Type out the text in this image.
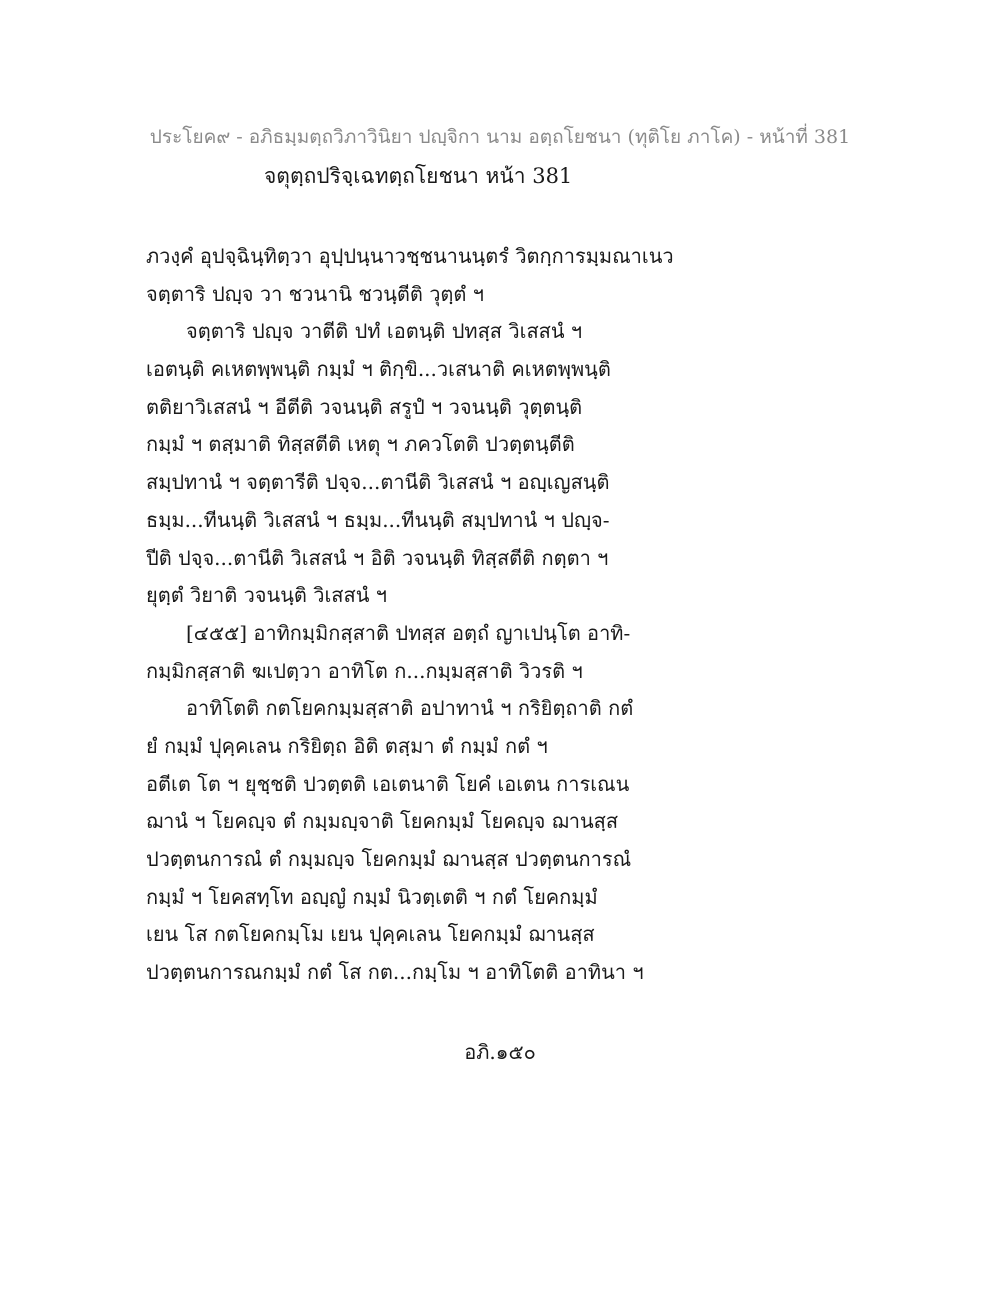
ประโยค๙ - อภิธมฺมตฺถวิภาวินิยา ปญฺจิกา นาม อตฺถโยชนา (ทุติโย ภาโค) - หน้าที่ 381
จตุตฺถปริจฺเฉทตฺถโยชนา หน้า 381
ภวงฺคํ อุปจฺฉินฺทิตฺวา อุปฺปนฺนาวชฺชนานนฺตรํ วิตกฺการมฺมณาเนว
จตฺตาริ ปญฺจ วา ชวนานิ ชวนฺตีติ วุตฺตํ ฯ
จตฺตาริ ปญฺจ วาตีติ ปทํ เอตนฺติ ปทสฺส วิเสสนํ ฯ
เอตนฺติ คเหตพฺพนฺติ กมฺมํ ฯ ติกฺขิ...วเสนาติ คเหตพฺพนฺติ
ตติยาวิเสสนํ ฯ อีตีติ วจนนฺติ สรูปํ ฯ วจนนฺติ วุตฺตนฺติ
กมฺมํ ฯ ตสฺมาติ ทิสฺสตีติ เหตุ ฯ ภควโตติ ปวตฺตนฺตีติ
สมฺปทานํ ฯ จตฺตารีติ ปจฺจ...ตานีติ วิเสสนํ ฯ อญฺเญสนฺติ
ธมฺม...ทีนนฺติ วิเสสนํ ฯ ธมฺม...ทีนนฺติ สมฺปทานํ ฯ ปญฺจ-
ปีติ ปจฺจ...ตานีติ วิเสสนํ ฯ อิติ วจนนฺติ ทิสฺสตีติ กตฺตา ฯ
ยุตฺตํ วิยาติ วจนนฺติ วิเสสนํ ฯ
[๔๕๕] อาทิกมฺมิกสฺสาติ ปทสฺส อตฺถํ ญาเปนฺโต อาทิ-
กมฺมิกสฺสาติ ฆเปตฺวา อาทิโต ก...กมฺมสฺสาติ วิวรติ ฯ
อาทิโตติ กตโยคกมฺมสฺสาติ อปาทานํ ฯ กริยิตฺถาติ กตํ
ยํ กมฺมํ ปุคฺคเลน กริยิตฺถ อิติ ตสฺมา ตํ กมฺมํ กตํ ฯ
อตีเต โต ฯ ยุชฺชติ ปวตฺตติ เอเตนาติ โยคํ เอเตน การเณน
ฌานํ ฯ โยคญฺจ ตํ กมฺมญฺจาติ โยคกมฺมํ โยคญฺจ ฌานสฺส
ปวตฺตนการณํ ตํ กมฺมญฺจ โยคกมฺมํ ฌานสฺส ปวตฺตนการณํ
กมฺมํ ฯ โยคสทฺโท อญฺญํ กมฺมํ นิวตฺเตติ ฯ กตํ โยคกมฺมํ
เยน โส กตโยคกมฺโม เยน ปุคฺคเลน โยคกมฺมํ ฌานสฺส
ปวตฺตนการณกมฺมํ กตํ โส กต...กมฺโม ฯ อาทิโตติ อาทินา ฯ
อภิ.๑๕๐
